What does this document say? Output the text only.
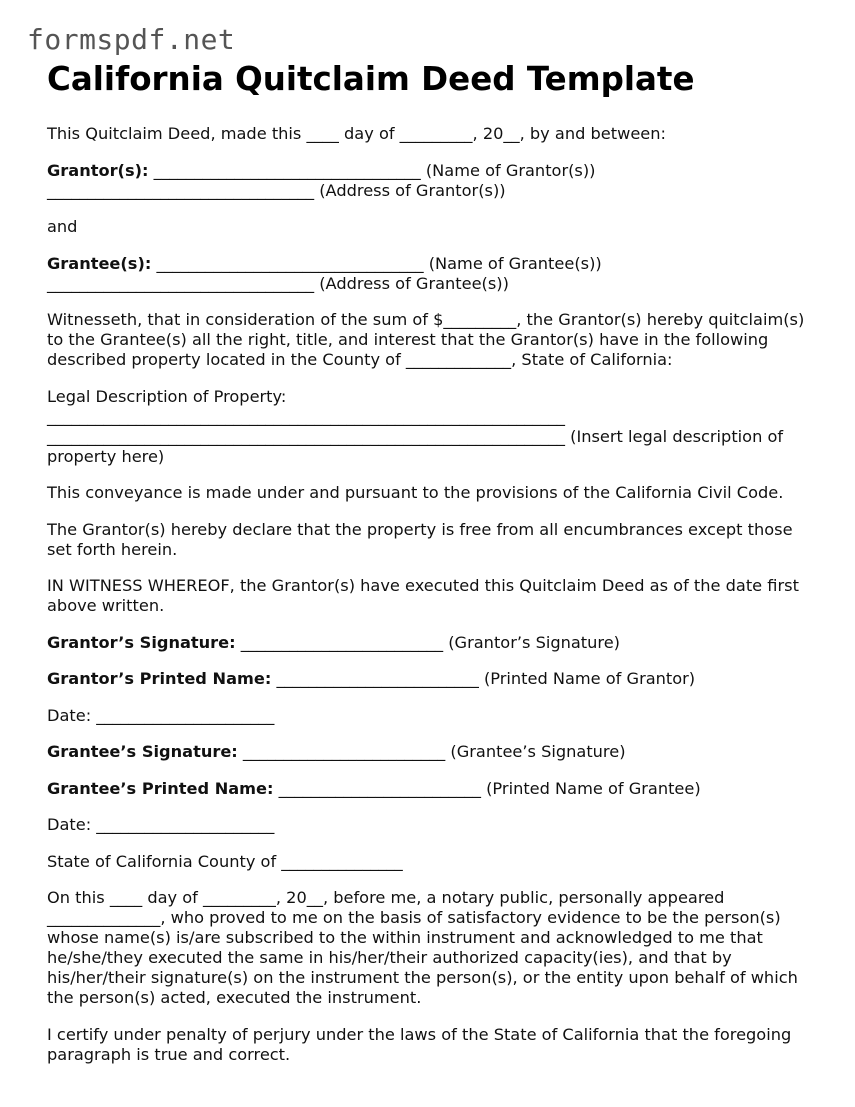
formspdf.net
California Quitclaim Deed Template

This Quitclaim Deed, made this ____ day of _________, 20__, by and between:

Grantor(s): _________________________________ (Name of Grantor(s))
_________________________________ (Address of Grantor(s))

and

Grantee(s): _________________________________ (Name of Grantee(s))
_________________________________ (Address of Grantee(s))

Witnesseth, that in consideration of the sum of $_________, the Grantor(s) hereby quitclaim(s) to the Grantee(s) all the right, title, and interest that the Grantor(s) have in the following described property located in the County of _____________, State of California:

Legal Description of Property:
________________________________________________________________
________________________________________________________________ (Insert legal description of property here)

This conveyance is made under and pursuant to the provisions of the California Civil Code.

The Grantor(s) hereby declare that the property is free from all encumbrances except those set forth herein.

IN WITNESS WHEREOF, the Grantor(s) have executed this Quitclaim Deed as of the date first above written.

Grantor’s Signature: _________________________ (Grantor’s Signature)

Grantor’s Printed Name: _________________________ (Printed Name of Grantor)

Date: ______________________

Grantee’s Signature: _________________________ (Grantee’s Signature)

Grantee’s Printed Name: _________________________ (Printed Name of Grantee)

Date: ______________________

State of California County of _______________

On this ____ day of _________, 20__, before me, a notary public, personally appeared ______________, who proved to me on the basis of satisfactory evidence to be the person(s) whose name(s) is/are subscribed to the within instrument and acknowledged to me that he/she/they executed the same in his/her/their authorized capacity(ies), and that by his/her/their signature(s) on the instrument the person(s), or the entity upon behalf of which the person(s) acted, executed the instrument.

I certify under penalty of perjury under the laws of the State of California that the foregoing paragraph is true and correct.
